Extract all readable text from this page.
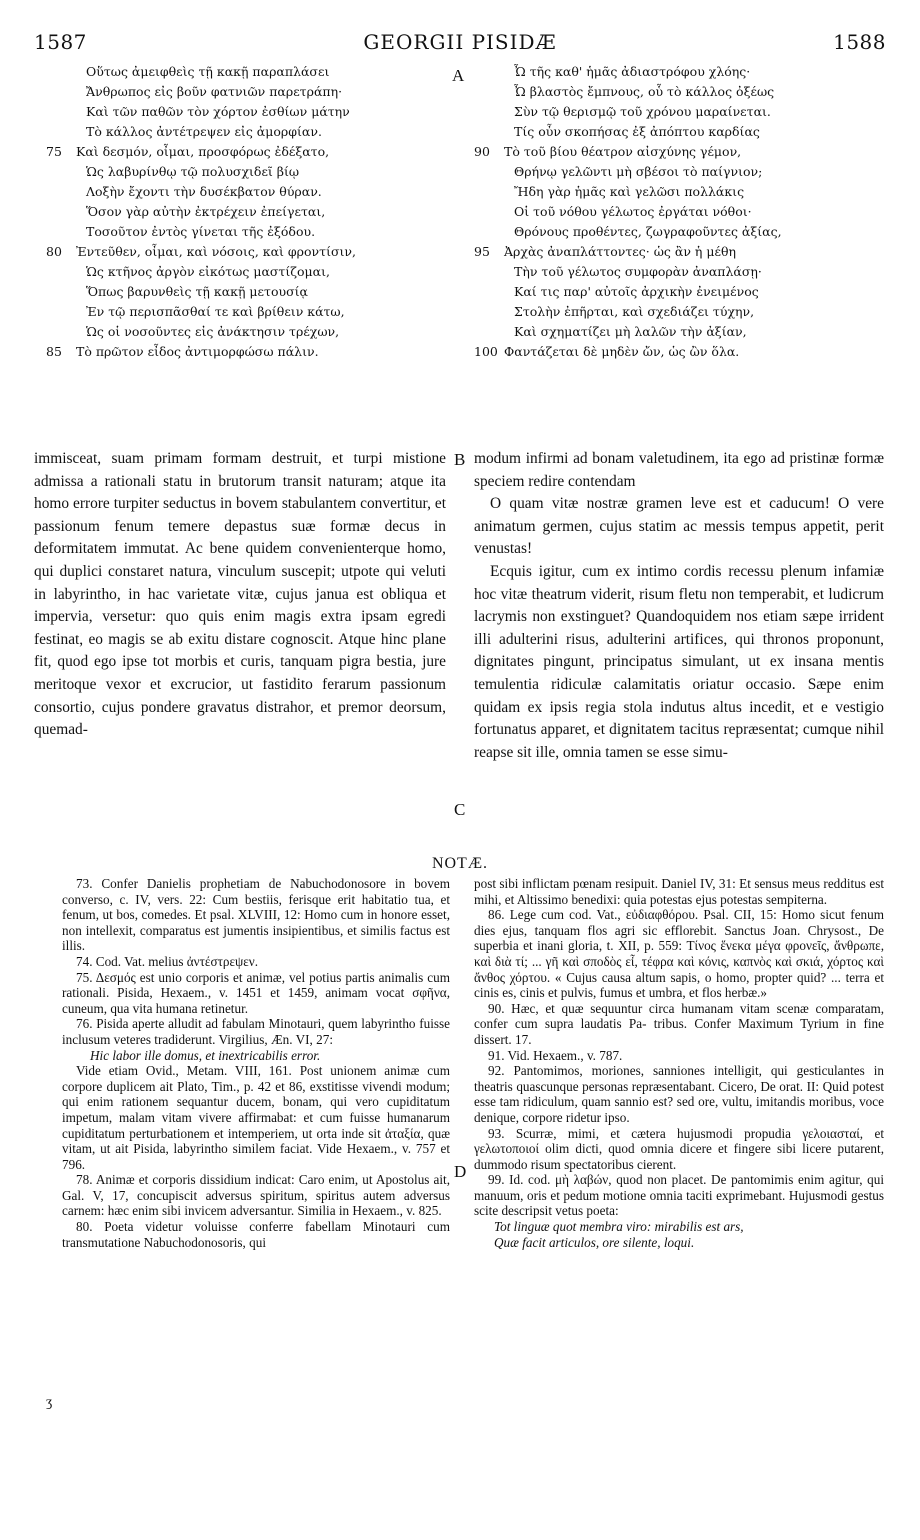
1587	GEORGII PISIDÆ	1588
Οὕτως ἀμειφθεὶς τῇ κακῇ παραπλάσει
Ἄνθρωπος εἰς βοῦν φατνιῶν παρετράπη·
Καὶ τῶν παθῶν τὸν χόρτον ἐσθίων μάτην
Τὸ κάλλος ἀντέτρεψεν εἰς ἀμορφίαν.
75	Καὶ δεσμόν, οἶμαι, προσφόρως ἐδέξατο,
Ὡς λαβυρίνθῳ τῷ πολυσχιδεῖ βίῳ
Λοξὴν ἔχοντι τὴν δυσέκβατον θύραν.
Ὅσον γὰρ αὐτὴν ἐκτρέχειν ἐπείγεται,
Τοσοῦτον ἐντὸς γίνεται τῆς ἐξόδου.
80	Ἐντεῦθεν, οἶμαι, καὶ νόσοις, καὶ φροντίσιν,
Ὡς κτῆνος ἀργὸν εἰκότως μαστίζομαι,
Ὅπως βαρυνθεὶς τῇ κακῇ μετουσίᾳ
Ἐν τῷ περισπᾶσθαί τε καὶ βρίθειν κάτω,
Ὡς οἱ νοσοῦντες εἰς ἀνάκτησιν τρέχων,
85	Τὸ πρῶτον εἶδος ἀντιμορφώσω πάλιν.
Ὦ τῆς καθ' ἡμᾶς ἀδιαστρόφου χλόης·
Ὦ βλαστὸς ἔμπνους, οὗ τὸ κάλλος ὀξέως
Σὺν τῷ θερισμῷ τοῦ χρόνου μαραίνεται.
Τίς οὖν σκοπήσας ἐξ ἀπόπτου καρδίας
90	Τὸ τοῦ βίου θέατρον αἰσχύνης γέμον,
Θρήνῳ γελῶντι μὴ σβέσοι τὸ παίγνιον;
Ἤδη γὰρ ἡμᾶς καὶ γελῶσι πολλάκις
Οἱ τοῦ νόθου γέλωτος ἐργάται νόθοι·
Θρόνους προθέντες, ζωγραφοῦντες ἀξίας,
95	Ἀρχὰς ἀναπλάττοντες· ὡς ἂν ἡ μέθη
Τὴν τοῦ γέλωτος συμφορὰν ἀναπλάσῃ·
Καί τις παρ' αὐτοῖς ἀρχικὴν ἐνειμένος
Στολὴν ἐπῆρται, καὶ σχεδιάζει τύχην,
Καὶ σχηματίζει μὴ λαλῶν τὴν ἀξίαν,
100 Φαντάζεται δὲ μηδὲν ὤν, ὡς ὢν ὅλα.
A
B
C
D
ʒ

immisceat, suam primam formam destruit, et turpi mistione admissa a rationali statu in brutorum transit naturam; atque ita homo errore turpiter seductus in bovem stabulantem convertitur, et passionum fenum temere depastus suæ formæ decus in deformitatem immutat. Ac bene quidem convenienterque homo, qui duplici constaret natura, vinculum suscepit; utpote qui veluti in labyrintho, in hac varietate vitæ, cujus janua est obliqua et impervia, versetur: quo quis enim magis extra ipsam egredi festinat, eo magis se ab exitu distare cognoscit. Atque hinc plane fit, quod ego ipse tot morbis et curis, tanquam pigra bestia, jure meritoque vexor et excrucior, ut fastidito ferarum passionum consortio, cujus pondere gravatus distrahor, et premor deorsum, quemad-

modum infirmi ad bonam valetudinem, ita ego ad pristinæ formæ speciem redire contendam

O quam vitæ nostræ gramen leve est et caducum! O vere animatum germen, cujus statim ac messis tempus appetit, perit venustas!

Ecquis igitur, cum ex intimo cordis recessu plenum infamiæ hoc vitæ theatrum viderit, risum fletu non temperabit, et ludicrum lacrymis non exstinguet? Quandoquidem nos etiam sæpe irrident illi adulterini risus, adulterini artifices, qui thronos proponunt, dignitates pingunt, principatus simulant, ut ex insana mentis temulentia ridiculæ calamitatis oriatur occasio. Sæpe enim quidam ex ipsis regia stola indutus altus incedit, et e vestigio fortunatus apparet, et dignitatem tacitus repræsentat; cumque nihil reapse sit ille, omnia tamen se esse simu-

NOTÆ.

73. Confer Danielis prophetiam de Nabuchodonosore in bovem converso, c. IV, vers. 22: Cum bestiis, ferisque erit habitatio tua, et fenum, ut bos, comedes. Et psal. XLVIII, 12: Homo cum in honore esset, non intellexit, comparatus est jumentis insipientibus, et similis factus est illis.

74. Cod. Vat. melius ἀντέστρεψεν.

75. Δεσμός est unio corporis et animæ, vel potius partis animalis cum rationali. Pisida, Hexaem., v. 1451 et 1459, animam vocat σφῆνα, cuneum, qua vita humana retinetur.

76. Pisida aperte alludit ad fabulam Minotauri, quem labyrintho fuisse inclusum veteres tradiderunt. Virgilius, Æn. VI, 27:

Hic labor ille domus, et inextricabilis error.

Vide etiam Ovid., Metam. VIII, 161. Post unionem animæ cum corpore duplicem ait Plato, Tim., p. 42 et 86, exstitisse vivendi modum; qui enim rationem sequantur ducem, bonam, qui vero cupiditatum impetum, malam vitam vivere affirmabat: et cum fuisse humanarum cupiditatum perturbationem et intemperiem, ut orta inde sit ἀταξία, quæ vitam, ut ait Pisida, labyrintho similem faciat. Vide Hexaem., v. 757 et 796.

78. Animæ et corporis dissidium indicat: Caro enim, ut Apostolus ait, Gal. V, 17, concupiscit adversus spiritum, spiritus autem adversus carnem: hæc enim sibi invicem adversantur. Similia in Hexaem., v. 825.

80. Poeta videtur voluisse conferre fabellam Minotauri cum transmutatione Nabuchodonosoris, qui

post sibi inflictam pœnam resipuit. Daniel IV, 31: Et sensus meus redditus est mihi, et Altissimo benedixi: quia potestas ejus potestas sempiterna.

86. Lege cum cod. Vat., εὐδιαφθόρου. Psal. CII, 15: Homo sicut fenum dies ejus, tanquam flos agri sic efflorebit. Sanctus Joan. Chrysost., De superbia et inani gloria, t. XII, p. 559: Τίνος ἕνεκα μέγα φρονεῖς, ἄνθρωπε, καὶ διὰ τί; ... γῆ καὶ σποδὸς εἶ, τέφρα καὶ κόνις, καπνὸς καὶ σκιά, χόρτος καὶ ἄνθος χόρτου. « Cujus causa altum sapis, o homo, propter quid? ... terra et cinis es, cinis et pulvis, fumus et umbra, et flos herbæ.»

90. Hæc, et quæ sequuntur circa humanam vitam scenæ comparatam, confer cum supra laudatis Pa- tribus. Confer Maximum Tyrium in fine dissert. 17.

91. Vid. Hexaem., v. 787.

92. Pantomimos, moriones, sanniones intelligit, qui gesticulantes in theatris quascunque personas repræsentabant. Cicero, De orat. II: Quid potest esse tam ridiculum, quam sannio est? sed ore, vultu, imitandis moribus, voce denique, corpore ridetur ipso.

93. Scurræ, mimi, et cætera hujusmodi propudia γελοιασταί, et γελωτοποιοί olim dicti, quod omnia dicere et fingere sibi licere putarent, dummodo risum spectatoribus cierent.

99. Id. cod. μὴ λαβών, quod non placet. De pantomimis enim agitur, qui manuum, oris et pedum motione omnia taciti exprimebant. Hujusmodi gestus scite descripsit vetus poeta:

Tot linguæ quot membra viro: mirabilis est ars,

Quæ facit articulos, ore silente, loqui.
